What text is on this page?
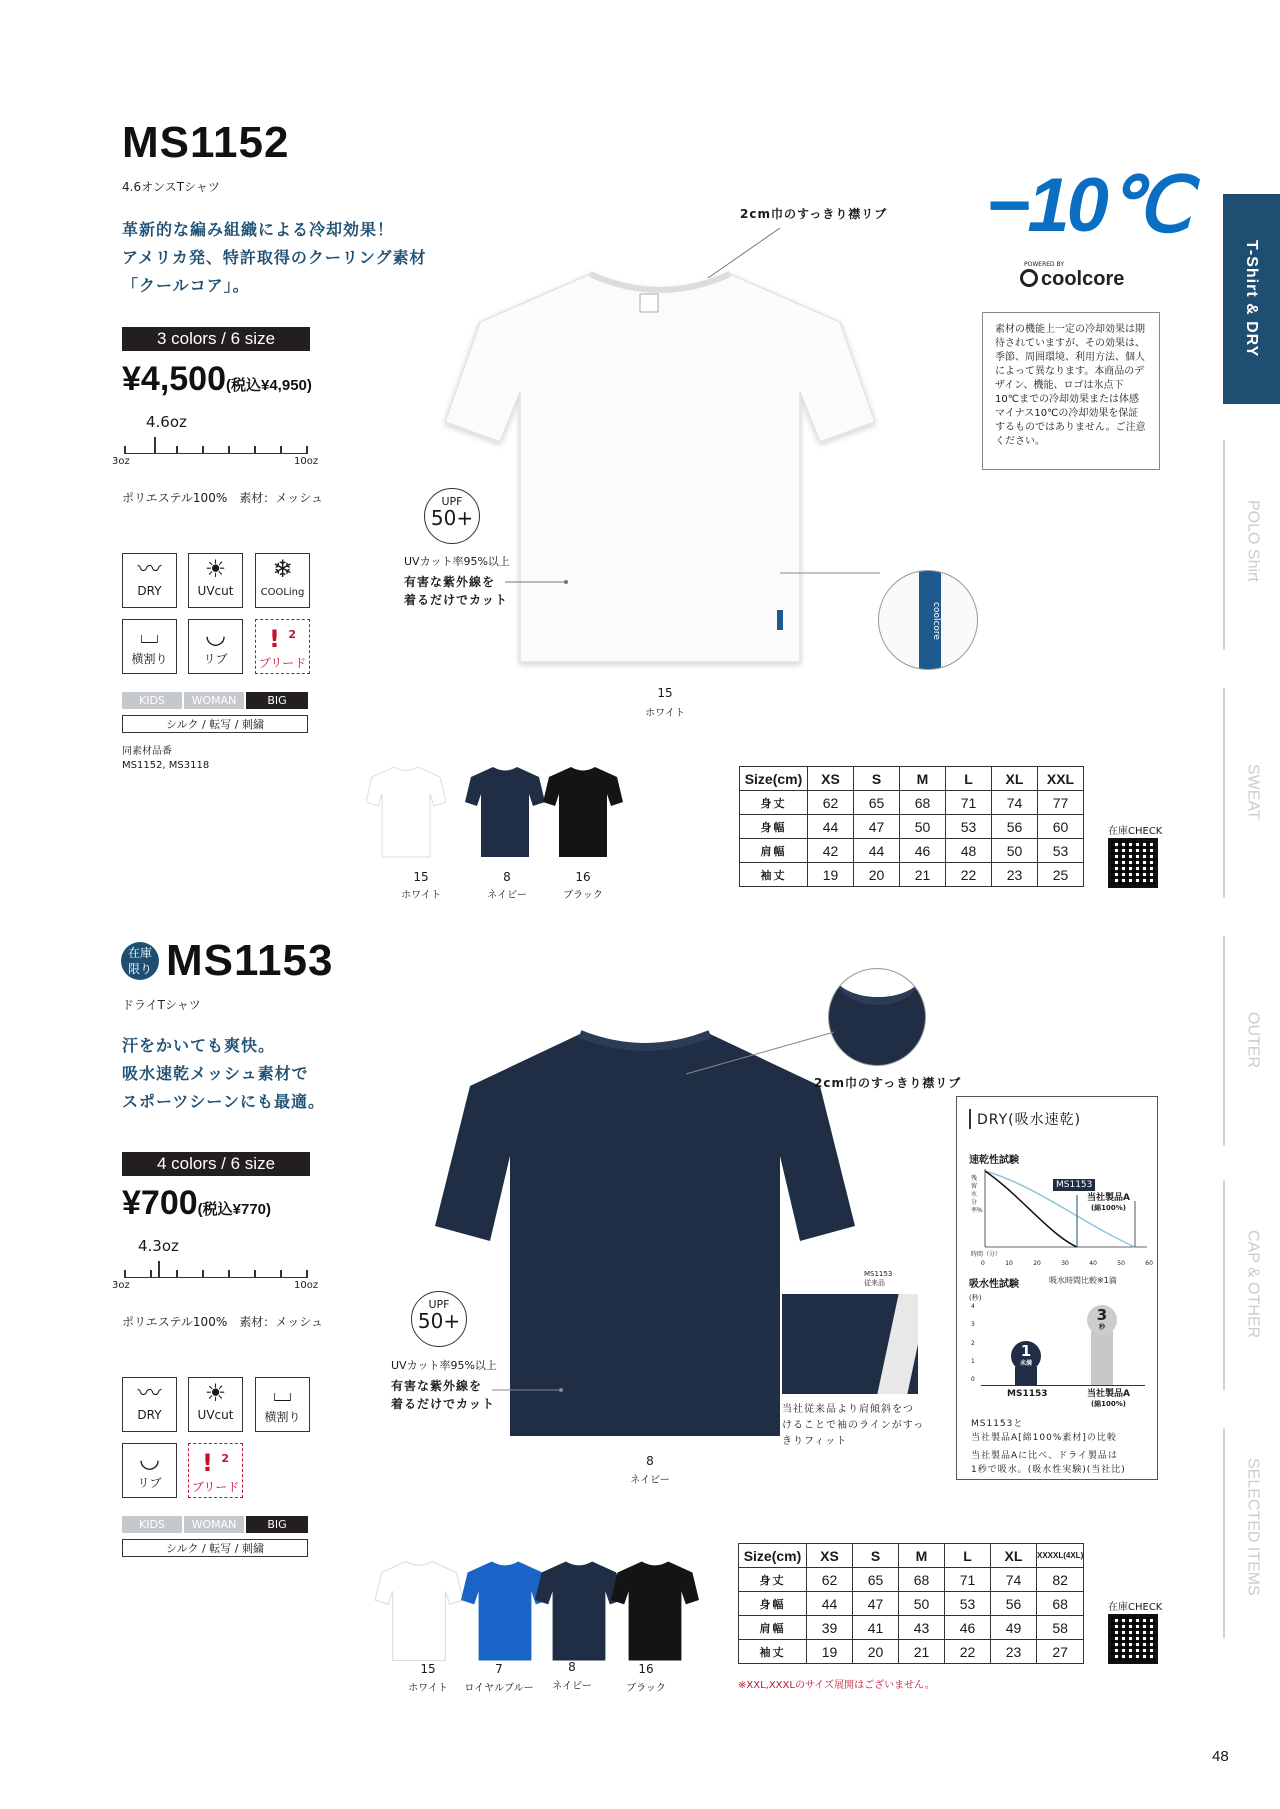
T-Shirt & DRY
POLO Shirt
SWEAT
OUTER
CAP & OTHER
SELECTED ITEMS
MS1152
4.6オンスTシャツ
革新的な編み組織による冷却効果！
アメリカ発、特許取得のクーリング素材
「クールコア」。
3 colors / 6 size
¥4,500(税込¥4,950)
4.6oz
3oz	10oz
ポリエステル100%　素材：メッシュ
〰
DRY
☀
UVcut
❄
COOLing
⌴
横割り
◡
リブ
! $^2$
ブリード
KIDS	WOMAN	BIG
シルク / 転写 / 刺繍
同素材品番
MS1152, MS3118
2cm巾のすっきり襟リブ
UPF
50+
UVカット率95%以上
有害な紫外線を
着るだけでカット
15
ホワイト
coolcore
−10℃
POWERED BY
coolcore
素材の機能上一定の冷却効果は期待されていますが、その効果は、季節、周囲環境、利用方法、個人によって異なります。本商品のデザイン、機能、ロゴは氷点下10℃までの冷却効果または体感マイナス10℃の冷却効果を保証するものではありません。ご注意ください。
15
ホワイト
8
ネイビー
16
ブラック
Size(cm)	XS	S	M	L	XL	XXL
身丈	62	65	68	71	74	77
身幅	44	47	50	53	56	60
肩幅	42	44	46	48	50	53
袖丈	19	20	21	22	23	25
在庫CHECK
在庫
限り MS1153
ドライTシャツ
汗をかいても爽快。
吸水速乾メッシュ素材で
スポーツシーンにも最適。
4 colors / 6 size
¥700(税込¥770)
4.3oz
3oz	10oz
ポリエステル100%　素材：メッシュ
〰
DRY
☀
UVcut
⌴
横割り
◡
リブ
! $^2$
ブリード
KIDS	WOMAN	BIG
シルク / 転写 / 刺繍
2cm巾のすっきり襟リブ
UPF
50+
UVカット率95%以上
有害な紫外線を
着るだけでカット
8
ネイビー
MS1153
従来品
当社従来品より肩傾斜をつ
けることで袖のラインがすっ
きりフィット
DRY(吸水速乾)
速乾性試験
MS1153
当社製品A
(綿100%)
残留水分率%
時間（分）
0	10	20	30	40	50	60
吸水性試験	吸水時間比較※1滴
(秒)
4
3
2
1
0
1
未満
3
秒
MS1153	当社製品A
(綿100%)
MS1153と
当社製品A[綿100%素材]の比較
当社製品Aに比べ、ドライ製品は
1秒で吸水。(吸水性実験)(当社比)
15
ホワイト
7
ロイヤルブルー
8
ネイビー
16
ブラック
Size(cm)	XS	S	M	L	XL	XXXXL(4XL)
身丈	62	65	68	71	74	82
身幅	44	47	50	53	56	68
肩幅	39	41	43	46	49	58
袖丈	19	20	21	22	23	27
※XXL,XXXLのサイズ展開はございません。
在庫CHECK
48
